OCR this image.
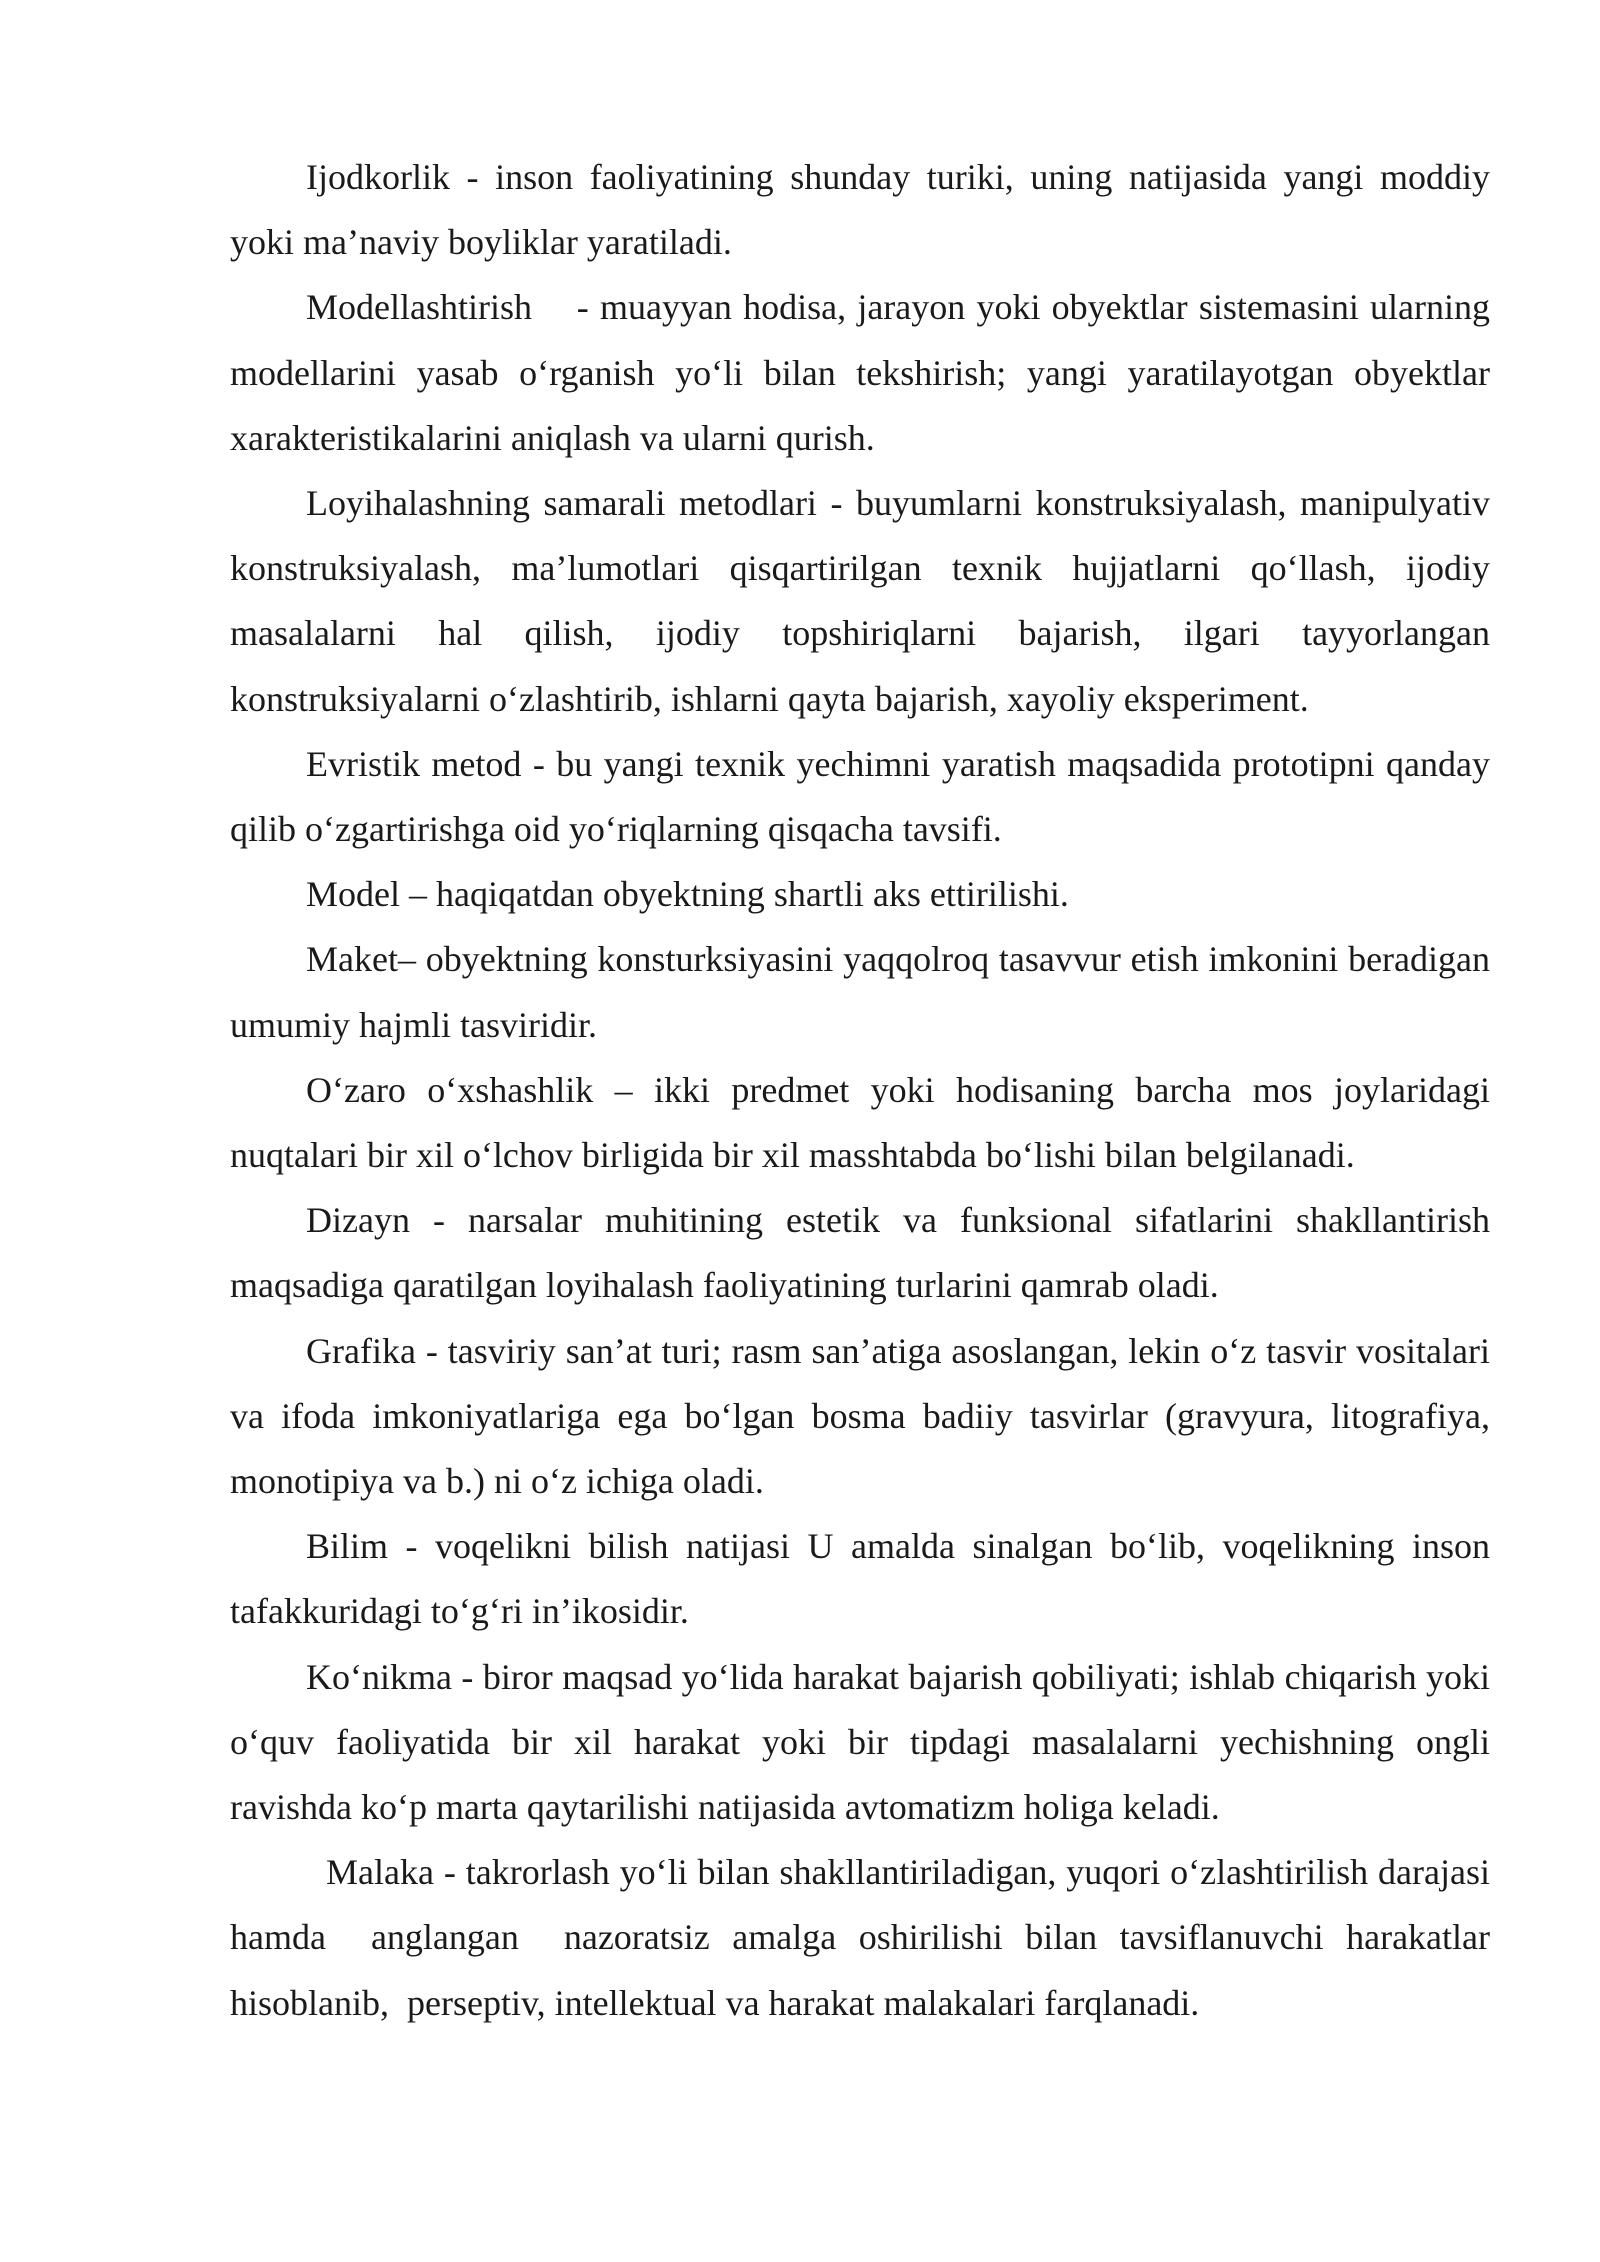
Ijodkorlik - inson faoliyatining shunday turiki, uning natijasida yangi moddiy yoki ma’naviy boyliklar yaratiladi.

Modellashtirish    - muayyan hodisa, jarayon yoki obyektlar sistemasini ularning modellarini yasab o‘rganish yo‘li bilan tekshirish; yangi yaratilayotgan obyektlar xarakteristikalarini aniqlash va ularni qurish.

Loyihalashning samarali metodlari - buyumlarni konstruksiyalash, manipulyativ konstruksiyalash, ma’lumotlari qisqartirilgan texnik hujjatlarni qo‘llash, ijodiy masalalarni hal qilish, ijodiy topshiriqlarni bajarish, ilgari tayyorlangan konstruksiyalarni o‘zlashtirib, ishlarni qayta bajarish, xayoliy eksperiment.

Evristik metod - bu yangi texnik yechimni yaratish maqsadida prototipni qanday qilib o‘zgartirishga oid yo‘riqlarning qisqacha tavsifi.

Model – haqiqatdan obyektning shartli aks ettirilishi.

Maket– obyektning konsturksiyasini yaqqolroq tasavvur etish imkonini beradigan umumiy hajmli tasviridir.

O‘zaro o‘xshashlik – ikki predmet yoki hodisaning barcha mos joylaridagi nuqtalari bir xil o‘lchov birligida bir xil masshtabda bo‘lishi bilan belgilanadi.

Dizayn - narsalar muhitining estetik va funksional sifatlarini shakllantirish maqsadiga qaratilgan loyihalash faoliyatining turlarini qamrab oladi.

Grafika - tasviriy san’at turi; rasm san’atiga asoslangan, lekin o‘z tasvir vositalari va ifoda imkoniyatlariga ega bo‘lgan bosma badiiy tasvirlar (gravyura, litografiya, monotipiya va b.) ni o‘z ichiga oladi.

Bilim - voqelikni bilish natijasi U amalda sinalgan bo‘lib, voqelikning inson tafakkuridagi to‘g‘ri in’ikosidir.

Ko‘nikma - biror maqsad yo‘lida harakat bajarish qobiliyati; ishlab chiqarish yoki o‘quv faoliyatida bir xil harakat yoki bir tipdagi masalalarni yechishning ongli ravishda ko‘p marta qaytarilishi natijasida avtomatizm holiga keladi.

Malaka - takrorlash yo‘li bilan shakllantiriladigan, yuqori o‘zlashtirilish darajasi hamda  anglangan  nazoratsiz amalga oshirilishi bilan tavsiflanuvchi harakatlar hisoblanib,  perseptiv, intellektual va harakat malakalari farqlanadi.
